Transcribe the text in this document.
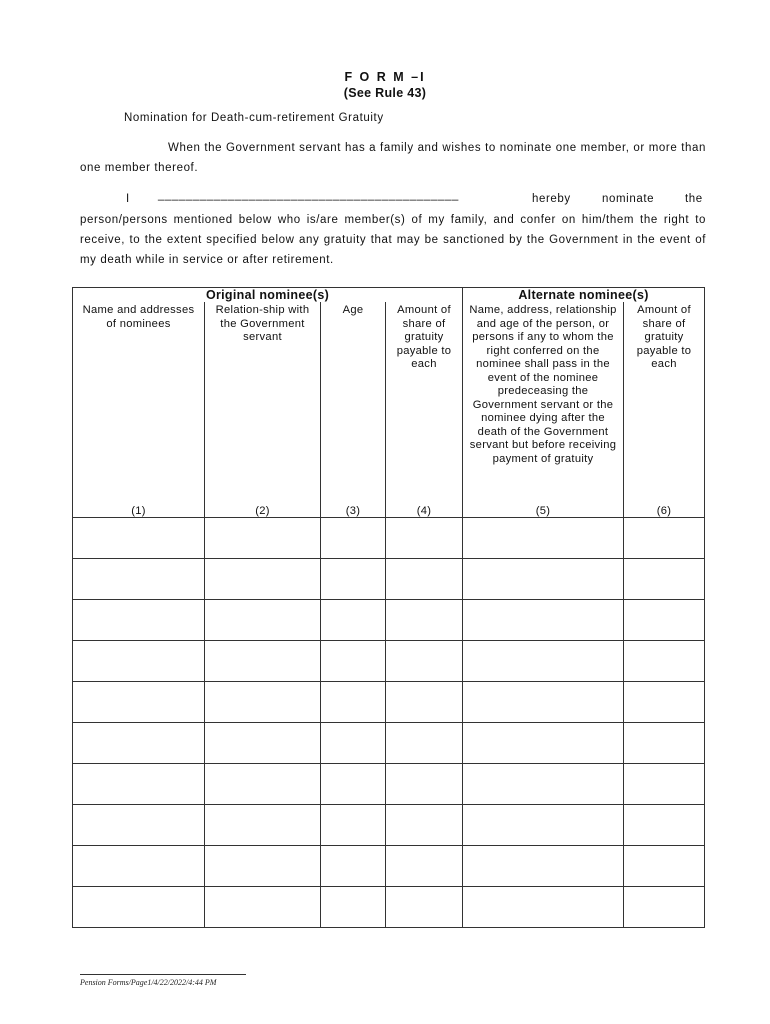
F O R M –I
(See Rule 43)
Nomination for Death-cum-retirement Gratuity
When the Government servant has a family and wishes to nominate one member, or more than one member thereof.
I ___________________________________________	hereby	nominate	the
person/persons mentioned below who is/are member(s) of my family, and confer on him/them the right to receive, to the extent specified below any gratuity that may be sanctioned by the Government in the event of my death while in service or after retirement.
Original nominee(s)				Alternate nominee(s)	
Name and addresses of nominees	Relation-ship with the Government servant	Age	Amount of share of gratuity payable to each	Name, address, relationship and age of the person, or persons if any to whom the right conferred on the nominee shall pass in the event of the nominee predeceasing the Government servant or the nominee dying after the death of the Government servant but before receiving payment of gratuity	Amount of share of gratuity payable to each
(1)	(2)	(3)	(4)	(5)	(6)

Pension Forms/Page1/4/22/2022/4:44 PM
